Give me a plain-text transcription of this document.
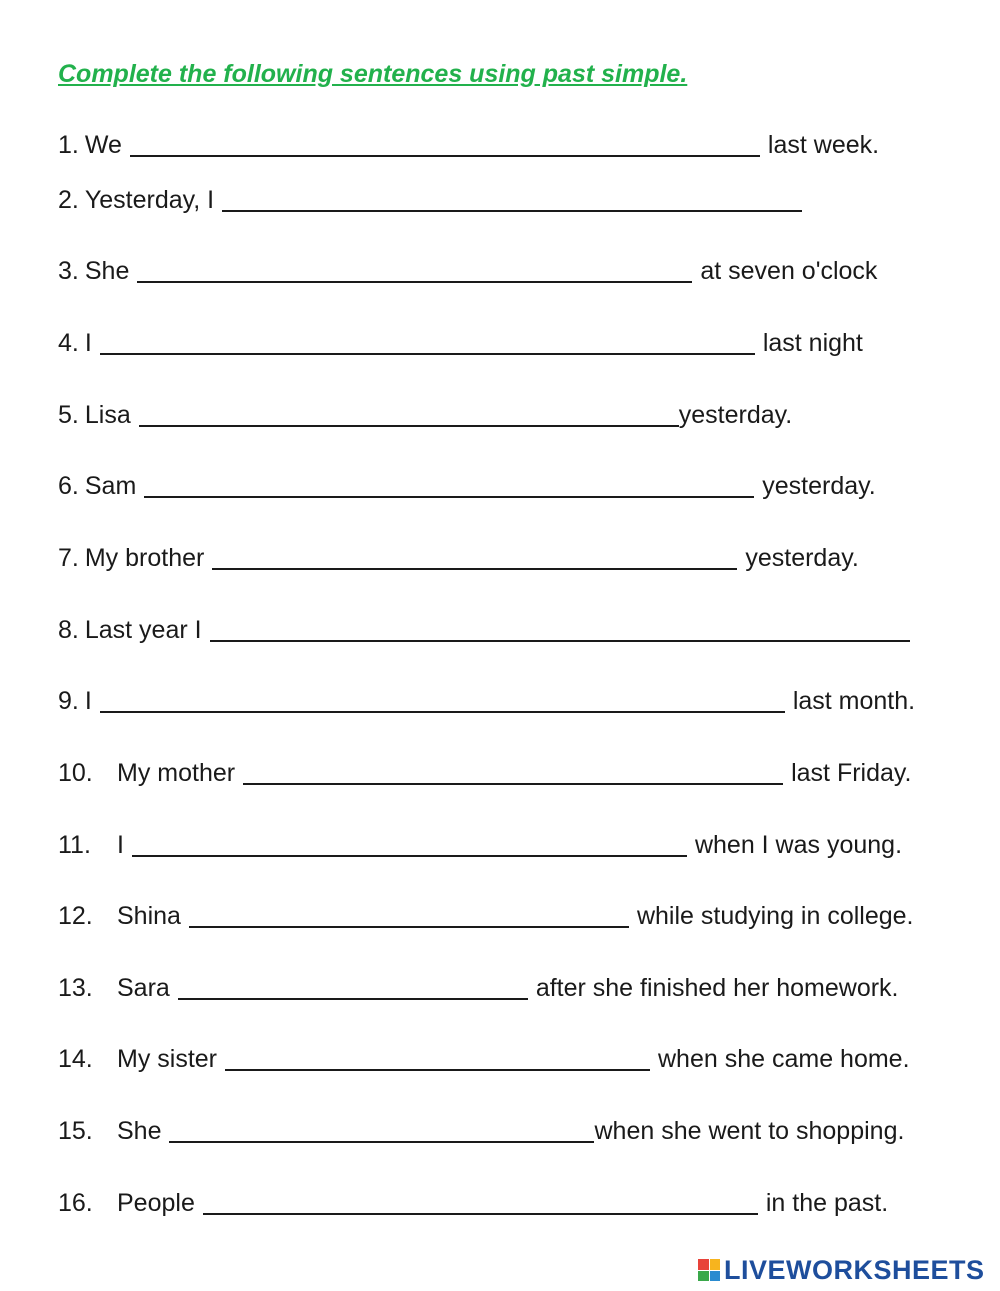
Complete the following sentences using past simple.
1. We	last week.
2. Yesterday, I
3. She	at seven o'clock
4. I	last night
5. Lisa	yesterday.
6. Sam	yesterday.
7. My brother	yesterday.
8. Last year I
9. I	last month.
10. My mother	last Friday.
11.	I	when I was young.
12. Shina	while studying in college.
13. Sara	after she finished her homework.
14. My sister	when she came home.
15. She	when she went to shopping.
16. People	in the past.
LIVEWORKSHEETS
